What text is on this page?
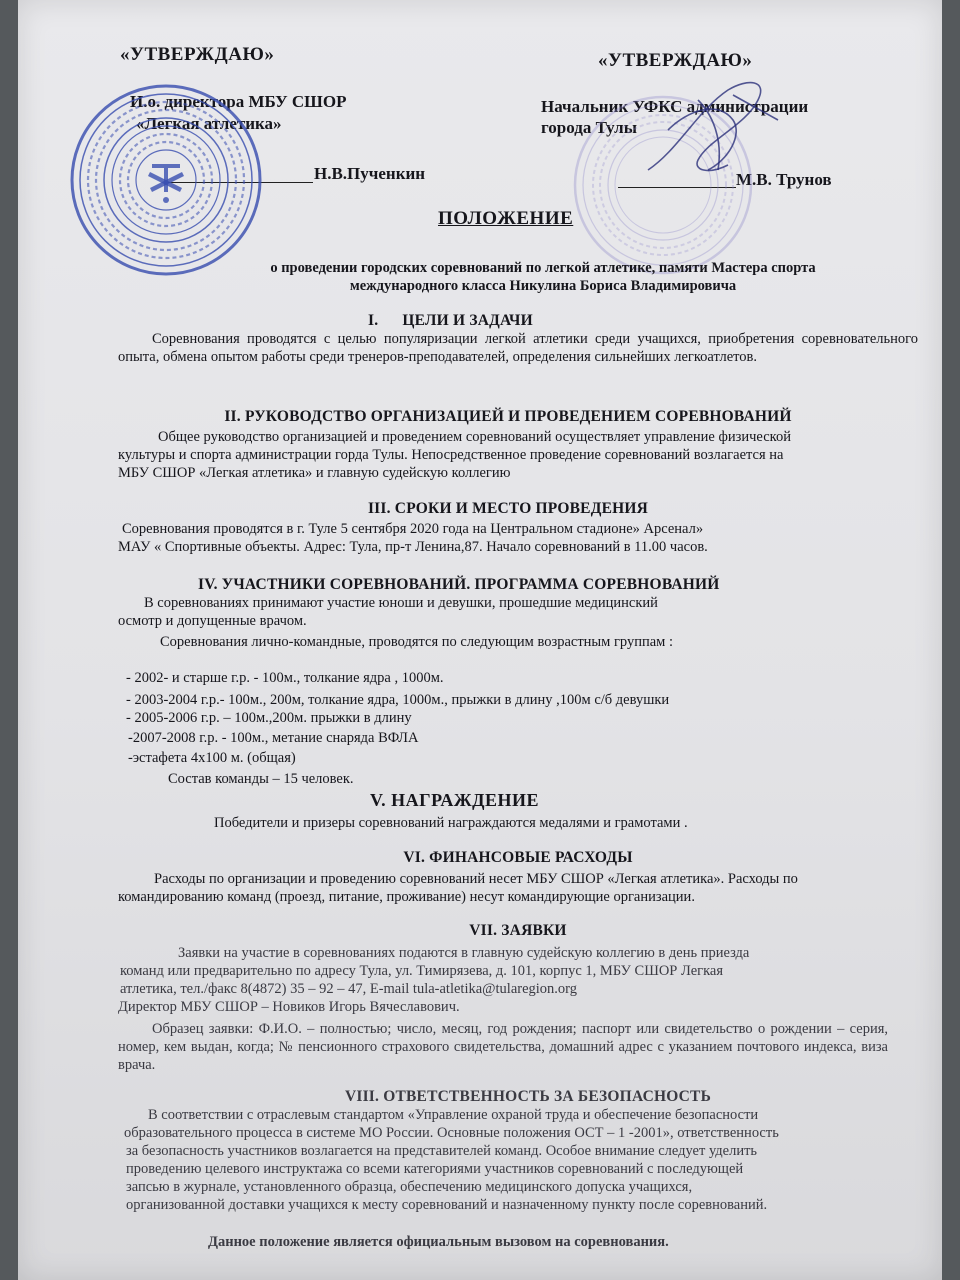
«УТВЕРЖДАЮ»
И.о. директора МБУ СШОР
«Легкая атлетика»
Н.В.Пученкин
«УТВЕРЖДАЮ»
Начальник УФКС администрации
города Тулы
М.В. Трунов
ПОЛОЖЕНИЕ
о проведении городских соревнований по легкой атлетике, памяти Мастера спорта
международного класса Никулина Бориса Владимировича
I. ЦЕЛИ И ЗАДАЧИ
Соревнования проводятся с целью популяризации легкой атлетики среди учащихся, приобретения соревновательного опыта, обмена опытом работы среди тренеров-преподавателей, определения сильнейших легкоатлетов.
II. РУКОВОДСТВО ОРГАНИЗАЦИЕЙ И ПРОВЕДЕНИЕМ СОРЕВНОВАНИЙ
Общее руководство организацией и проведением соревнований осуществляет управление физической
культуры и спорта администрации горда Тулы. Непосредственное проведение соревнований возлагается на
МБУ СШОР «Легкая атлетика» и главную судейскую коллегию
III. СРОКИ И МЕСТО ПРОВЕДЕНИЯ
Соревнования проводятся в г. Туле 5 сентября 2020 года на Центральном стадионе» Арсенал»
МАУ « Спортивные объекты. Адрес: Тула, пр-т Ленина,87. Начало соревнований в 11.00 часов.
IV. УЧАСТНИКИ СОРЕВНОВАНИЙ. ПРОГРАММА СОРЕВНОВАНИЙ
В соревнованиях принимают участие юноши и девушки, прошедшие медицинский
осмотр и допущенные врачом.
Соревнования лично-командные, проводятся по следующим возрастным группам :
- 2002- и старше г.р. - 100м., толкание ядра , 1000м.
- 2003-2004 г.р.- 100м., 200м, толкание ядра, 1000м., прыжки в длину ,100м с/б девушки
- 2005-2006 г.р. – 100м.,200м. прыжки в длину
-2007-2008 г.р. - 100м., метание снаряда ВФЛА
-эстафета 4х100 м. (общая)
Состав команды – 15 человек.
V. НАГРАЖДЕНИЕ
Победители и призеры соревнований награждаются медалями и грамотами .
VI. ФИНАНСОВЫЕ РАСХОДЫ
Расходы по организации и проведению соревнований несет МБУ СШОР «Легкая атлетика». Расходы по
командированию команд (проезд, питание, проживание) несут командирующие организации.
VII. ЗАЯВКИ
Заявки на участие в соревнованиях подаются в главную судейскую коллегию в день приезда
команд или предварительно по адресу Тула, ул. Тимирязева, д. 101, корпус 1, МБУ СШОР Легкая
атлетика, тел./факс 8(4872) 35 – 92 – 47, E-mail tula-atletika@tularegion.org
Директор МБУ СШОР – Новиков Игорь Вячеславович.
Образец заявки: Ф.И.О. – полностью; число, месяц, год рождения; паспорт или свидетельство о рождении – серия, номер, кем выдан, когда; № пенсионного страхового свидетельства, домашний адрес с указанием почтового индекса, виза врача.
VIII. ОТВЕТСТВЕННОСТЬ ЗА БЕЗОПАСНОСТЬ
В соответствии с отраслевым стандартом «Управление охраной труда и обеспечение безопасности
образовательного процесса в системе МО России. Основные положения ОСТ – 1 -2001», ответственность
за безопасность участников возлагается на представителей команд. Особое внимание следует уделить
проведению целевого инструктажа со всеми категориями участников соревнований с последующей
запсью в журнале, установленного образца, обеспечению медицинского допуска учащихся,
организованной доставки учащихся к месту соревнований и назначенному пункту после соревнований.
Данное положение является официальным вызовом на соревнования.
